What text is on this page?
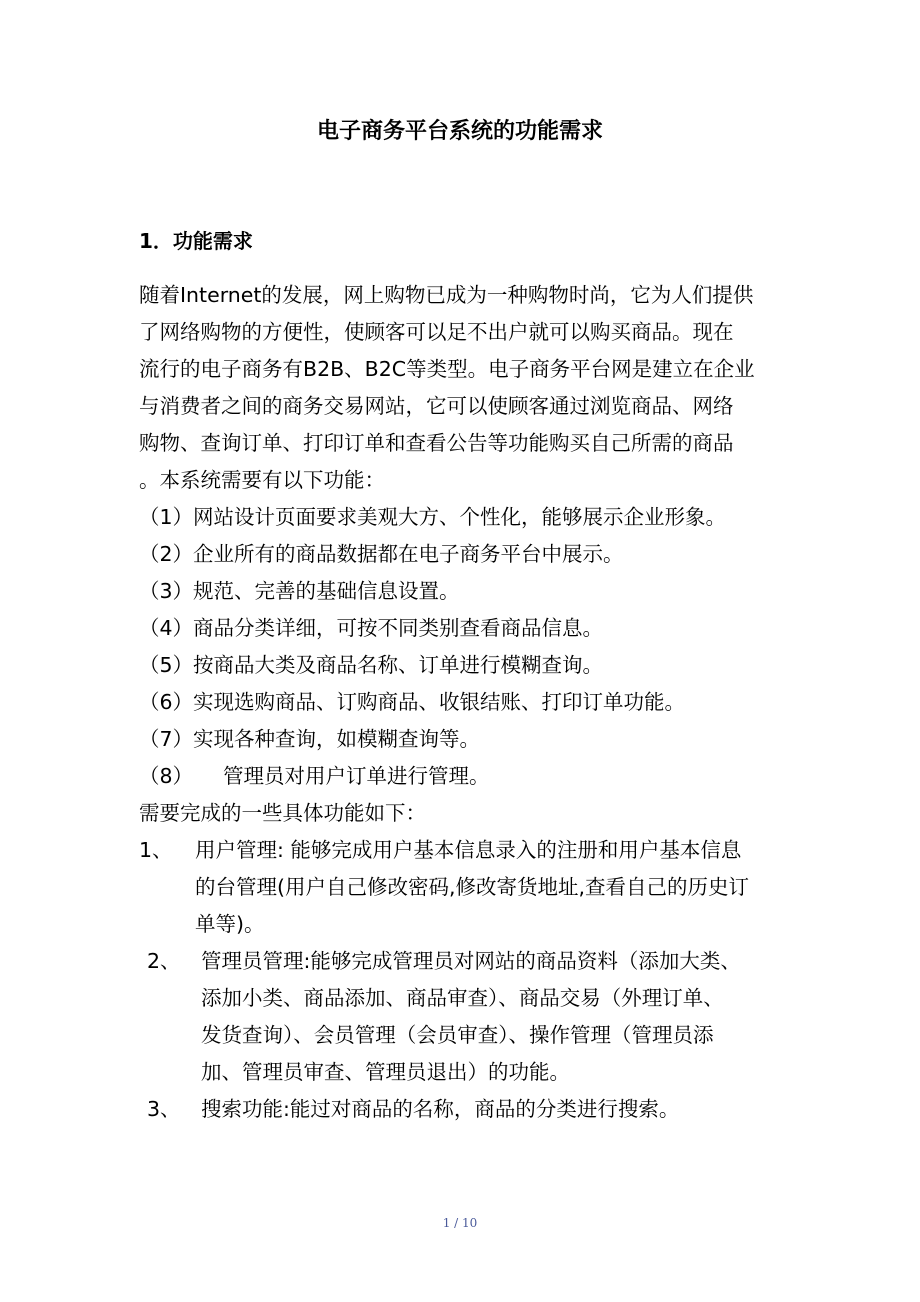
电子商务平台系统的功能需求
1．功能需求
随着Internet的发展，网上购物已成为一种购物时尚，它为人们提供
了网络购物的方便性，使顾客可以足不出户就可以购买商品。现在
流行的电子商务有B2B、B2C等类型。电子商务平台网是建立在企业
与消费者之间的商务交易网站，它可以使顾客通过浏览商品、网络
购物、查询订单、打印订单和查看公告等功能购买自己所需的商品
。本系统需要有以下功能：
（1）网站设计页面要求美观大方、个性化，能够展示企业形象。
（2）企业所有的商品数据都在电子商务平台中展示。
（3）规范、完善的基础信息设置。
（4）商品分类详细，可按不同类别查看商品信息。
（5）按商品大类及商品名称、订单进行模糊查询。
（6）实现选购商品、订购商品、收银结账、打印订单功能。
（7）实现各种查询，如模糊查询等。
（8） 管理员对用户订单进行管理。
需要完成的一些具体功能如下：
1、 用户管理: 能够完成用户基本信息录入的注册和用户基本信息
的台管理(用户自己修改密码,修改寄货地址,查看自己的历史订
单等)。
2、 管理员管理:能够完成管理员对网站的商品资料（添加大类、
添加小类、商品添加、商品审查）、商品交易（外理订单、
发货查询）、会员管理（会员审查）、操作管理（管理员添
加、管理员审查、管理员退出）的功能。
3、 搜索功能:能过对商品的名称，商品的分类进行搜索。
1 / 10
